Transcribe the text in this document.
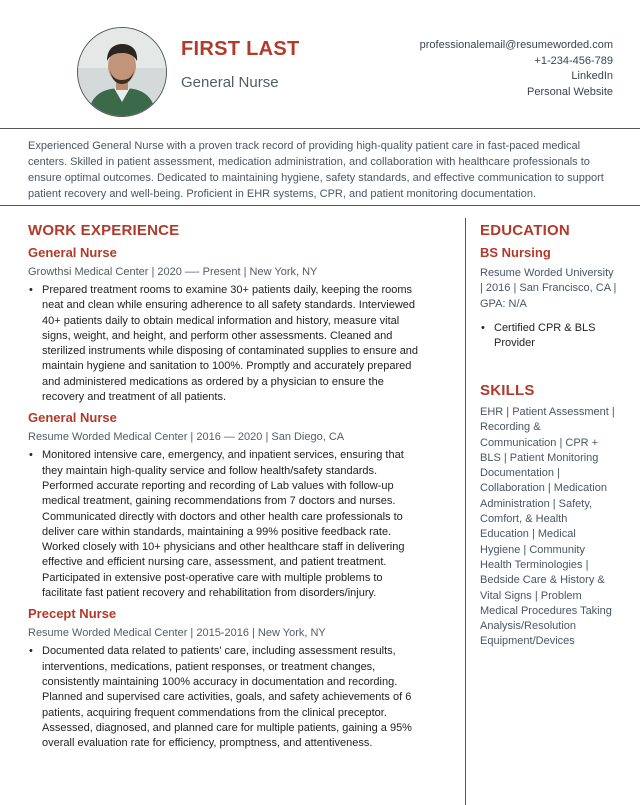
FIRST LAST
General Nurse
professionalemail@resumeworded.com
+1-234-456-789
LinkedIn
Personal Website
Experienced General Nurse with a proven track record of providing high-quality patient care in fast-paced medical centers. Skilled in patient assessment, medication administration, and collaboration with healthcare professionals to ensure optimal outcomes. Dedicated to maintaining hygiene, safety standards, and effective communication to support patient recovery and well-being. Proficient in EHR systems, CPR, and patient monitoring documentation.
WORK EXPERIENCE
General Nurse
Growthsi Medical Center | 2020 —- Present | New York, NY
• Prepared treatment rooms to examine 30+ patients daily, keeping the rooms neat and clean while ensuring adherence to all safety standards. Interviewed 40+ patients daily to obtain medical information and history, measure vital signs, weight, and height, and perform other assessments. Cleaned and sterilized instruments while disposing of contaminated supplies to ensure and maintain hygiene and sanitation to 100%. Promptly and accurately prepared and administered medications as ordered by a physician to ensure the recovery and treatment of all patients.
General Nurse
Resume Worded Medical Center | 2016 — 2020 | San Diego, CA
• Monitored intensive care, emergency, and inpatient services, ensuring that they maintain high-quality service and follow health/safety standards. Performed accurate reporting and recording of Lab values with follow-up medical treatment, gaining recommendations from 7 doctors and nurses. Communicated directly with doctors and other health care professionals to deliver care within standards, maintaining a 99% positive feedback rate. Worked closely with 10+ physicians and other healthcare staff in delivering effective and efficient nursing care, assessment, and patient treatment. Participated in extensive post-operative care with multiple problems to facilitate fast patient recovery and rehabilitation from disorders/injury.
Precept Nurse
Resume Worded Medical Center | 2015-2016 | New York, NY
• Documented data related to patients' care, including assessment results, interventions, medications, patient responses, or treatment changes, consistently maintaining 100% accuracy in documentation and recording. Planned and supervised care activities, goals, and safety achievements of 6 patients, acquiring frequent commendations from the clinical preceptor. Assessed, diagnosed, and planned care for multiple patients, gaining a 95% overall evaluation rate for efficiency, promptness, and attentiveness.
EDUCATION
BS Nursing
Resume Worded University | 2016 | San Francisco, CA | GPA: N/A
• Certified CPR & BLS Provider
SKILLS
EHR | Patient Assessment | Recording & Communication | CPR + BLS | Patient Monitoring Documentation | Collaboration | Medication Administration | Safety, Comfort, & Health Education | Medical Hygiene | Community Health Terminologies | Bedside Care & History & Vital Signs | Problem Medical Procedures Taking Analysis/Resolution Equipment/Devices
